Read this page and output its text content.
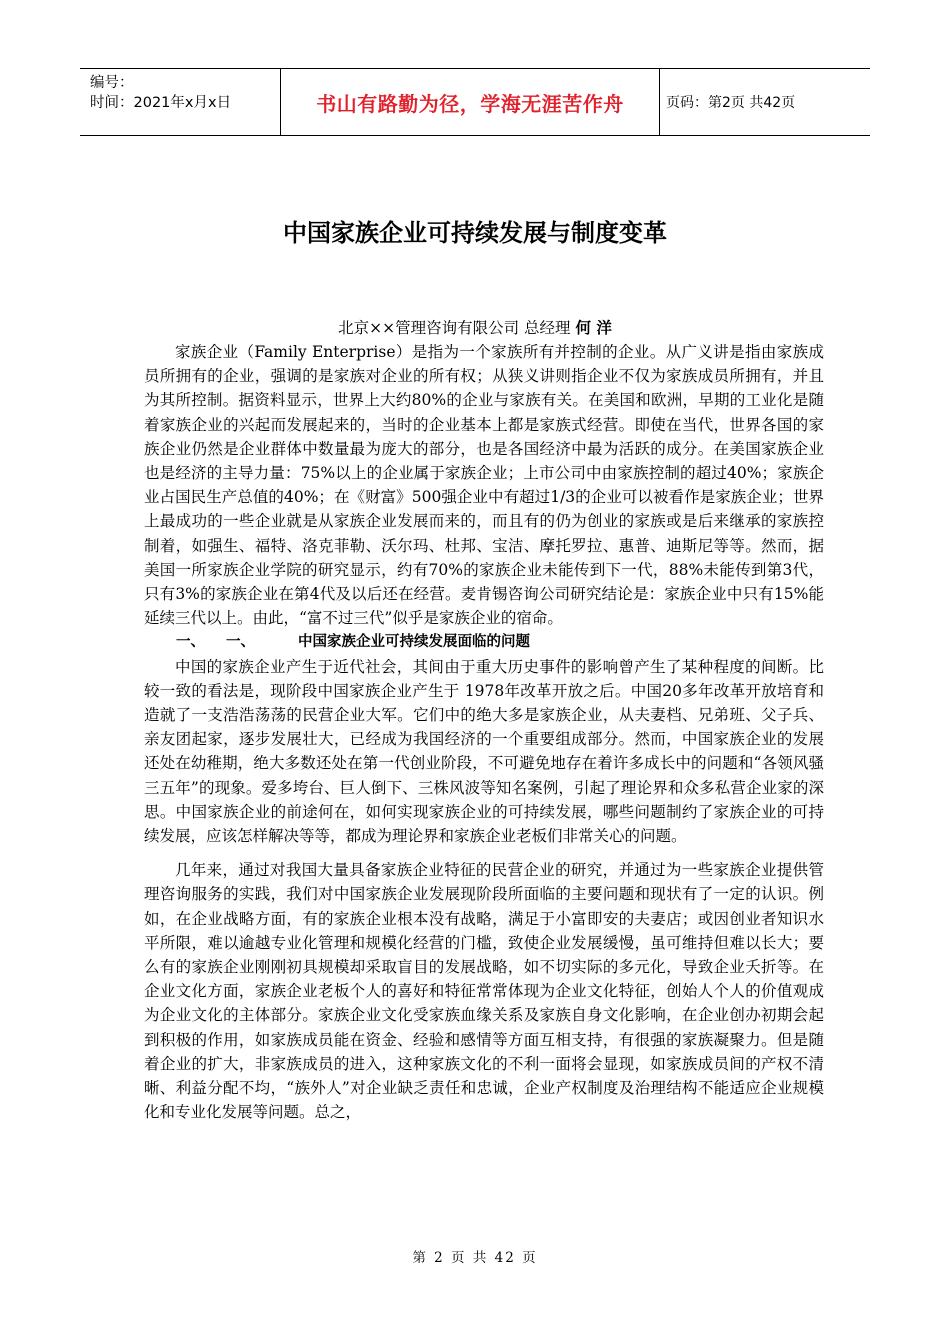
编号：
时间：2021年x月x日	书山有路勤为径，学海无涯苦作舟	页码：第2页 共42页
中国家族企业可持续发展与制度变革
北京××管理咨询有限公司 总经理 何 洋

家族企业（Family Enterprise）是指为一个家族所有并控制的企业。从广义讲是指由家族成员所拥有的企业，强调的是家族对企业的所有权；从狭义讲则指企业不仅为家族成员所拥有，并且为其所控制。据资料显示，世界上大约80%的企业与家族有关。在美国和欧洲，早期的工业化是随着家族企业的兴起而发展起来的，当时的企业基本上都是家族式经营。即使在当代，世界各国的家族企业仍然是企业群体中数量最为庞大的部分，也是各国经济中最为活跃的成分。在美国家族企业也是经济的主导力量：75%以上的企业属于家族企业；上市公司中由家族控制的超过40%；家族企业占国民生产总值的40%；在《财富》500强企业中有超过1/3的企业可以被看作是家族企业；世界上最成功的一些企业就是从家族企业发展而来的，而且有的仍为创业的家族或是后来继承的家族控制着，如强生、福特、洛克菲勒、沃尔玛、杜邦、宝洁、摩托罗拉、惠普、迪斯尼等等。然而，据美国一所家族企业学院的研究显示，约有70%的家族企业未能传到下一代，88%未能传到第3代，只有3%的家族企业在第4代及以后还在经营。麦肯锡咨询公司研究结论是：家族企业中只有15%能延续三代以上。由此，“富不过三代”似乎是家族企业的宿命。

一、 一、	中国家族企业可持续发展面临的问题

中国的家族企业产生于近代社会，其间由于重大历史事件的影响曾产生了某种程度的间断。比较一致的看法是，现阶段中国家族企业产生于 1978年改革开放之后。中国20多年改革开放培育和造就了一支浩浩荡荡的民营企业大军。它们中的绝大多是家族企业，从夫妻档、兄弟班、父子兵、亲友团起家，逐步发展壮大，已经成为我国经济的一个重要组成部分。然而，中国家族企业的发展还处在幼稚期，绝大多数还处在第一代创业阶段，不可避免地存在着许多成长中的问题和“各领风骚三五年”的现象。爱多垮台、巨人倒下、三株风波等知名案例，引起了理论界和众多私营企业家的深思。中国家族企业的前途何在，如何实现家族企业的可持续发展，哪些问题制约了家族企业的可持续发展，应该怎样解决等等，都成为理论界和家族企业老板们非常关心的问题。

几年来，通过对我国大量具备家族企业特征的民营企业的研究，并通过为一些家族企业提供管理咨询服务的实践，我们对中国家族企业发展现阶段所面临的主要问题和现状有了一定的认识。例如，在企业战略方面，有的家族企业根本没有战略，满足于小富即安的夫妻店；或因创业者知识水平所限，难以逾越专业化管理和规模化经营的门槛，致使企业发展缓慢，虽可维持但难以长大；要么有的家族企业刚刚初具规模却采取盲目的发展战略，如不切实际的多元化，导致企业夭折等。在企业文化方面，家族企业老板个人的喜好和特征常常体现为企业文化特征，创始人个人的价值观成为企业文化的主体部分。家族企业文化受家族血缘关系及家族自身文化影响，在企业创办初期会起到积极的作用，如家族成员能在资金、经验和感情等方面互相支持，有很强的家族凝聚力。但是随着企业的扩大，非家族成员的进入，这种家族文化的不利一面将会显现，如家族成员间的产权不清晰、利益分配不均，“族外人”对企业缺乏责任和忠诚，企业产权制度及治理结构不能适应企业规模化和专业化发展等问题。总之，

第 2 页 共 42 页
